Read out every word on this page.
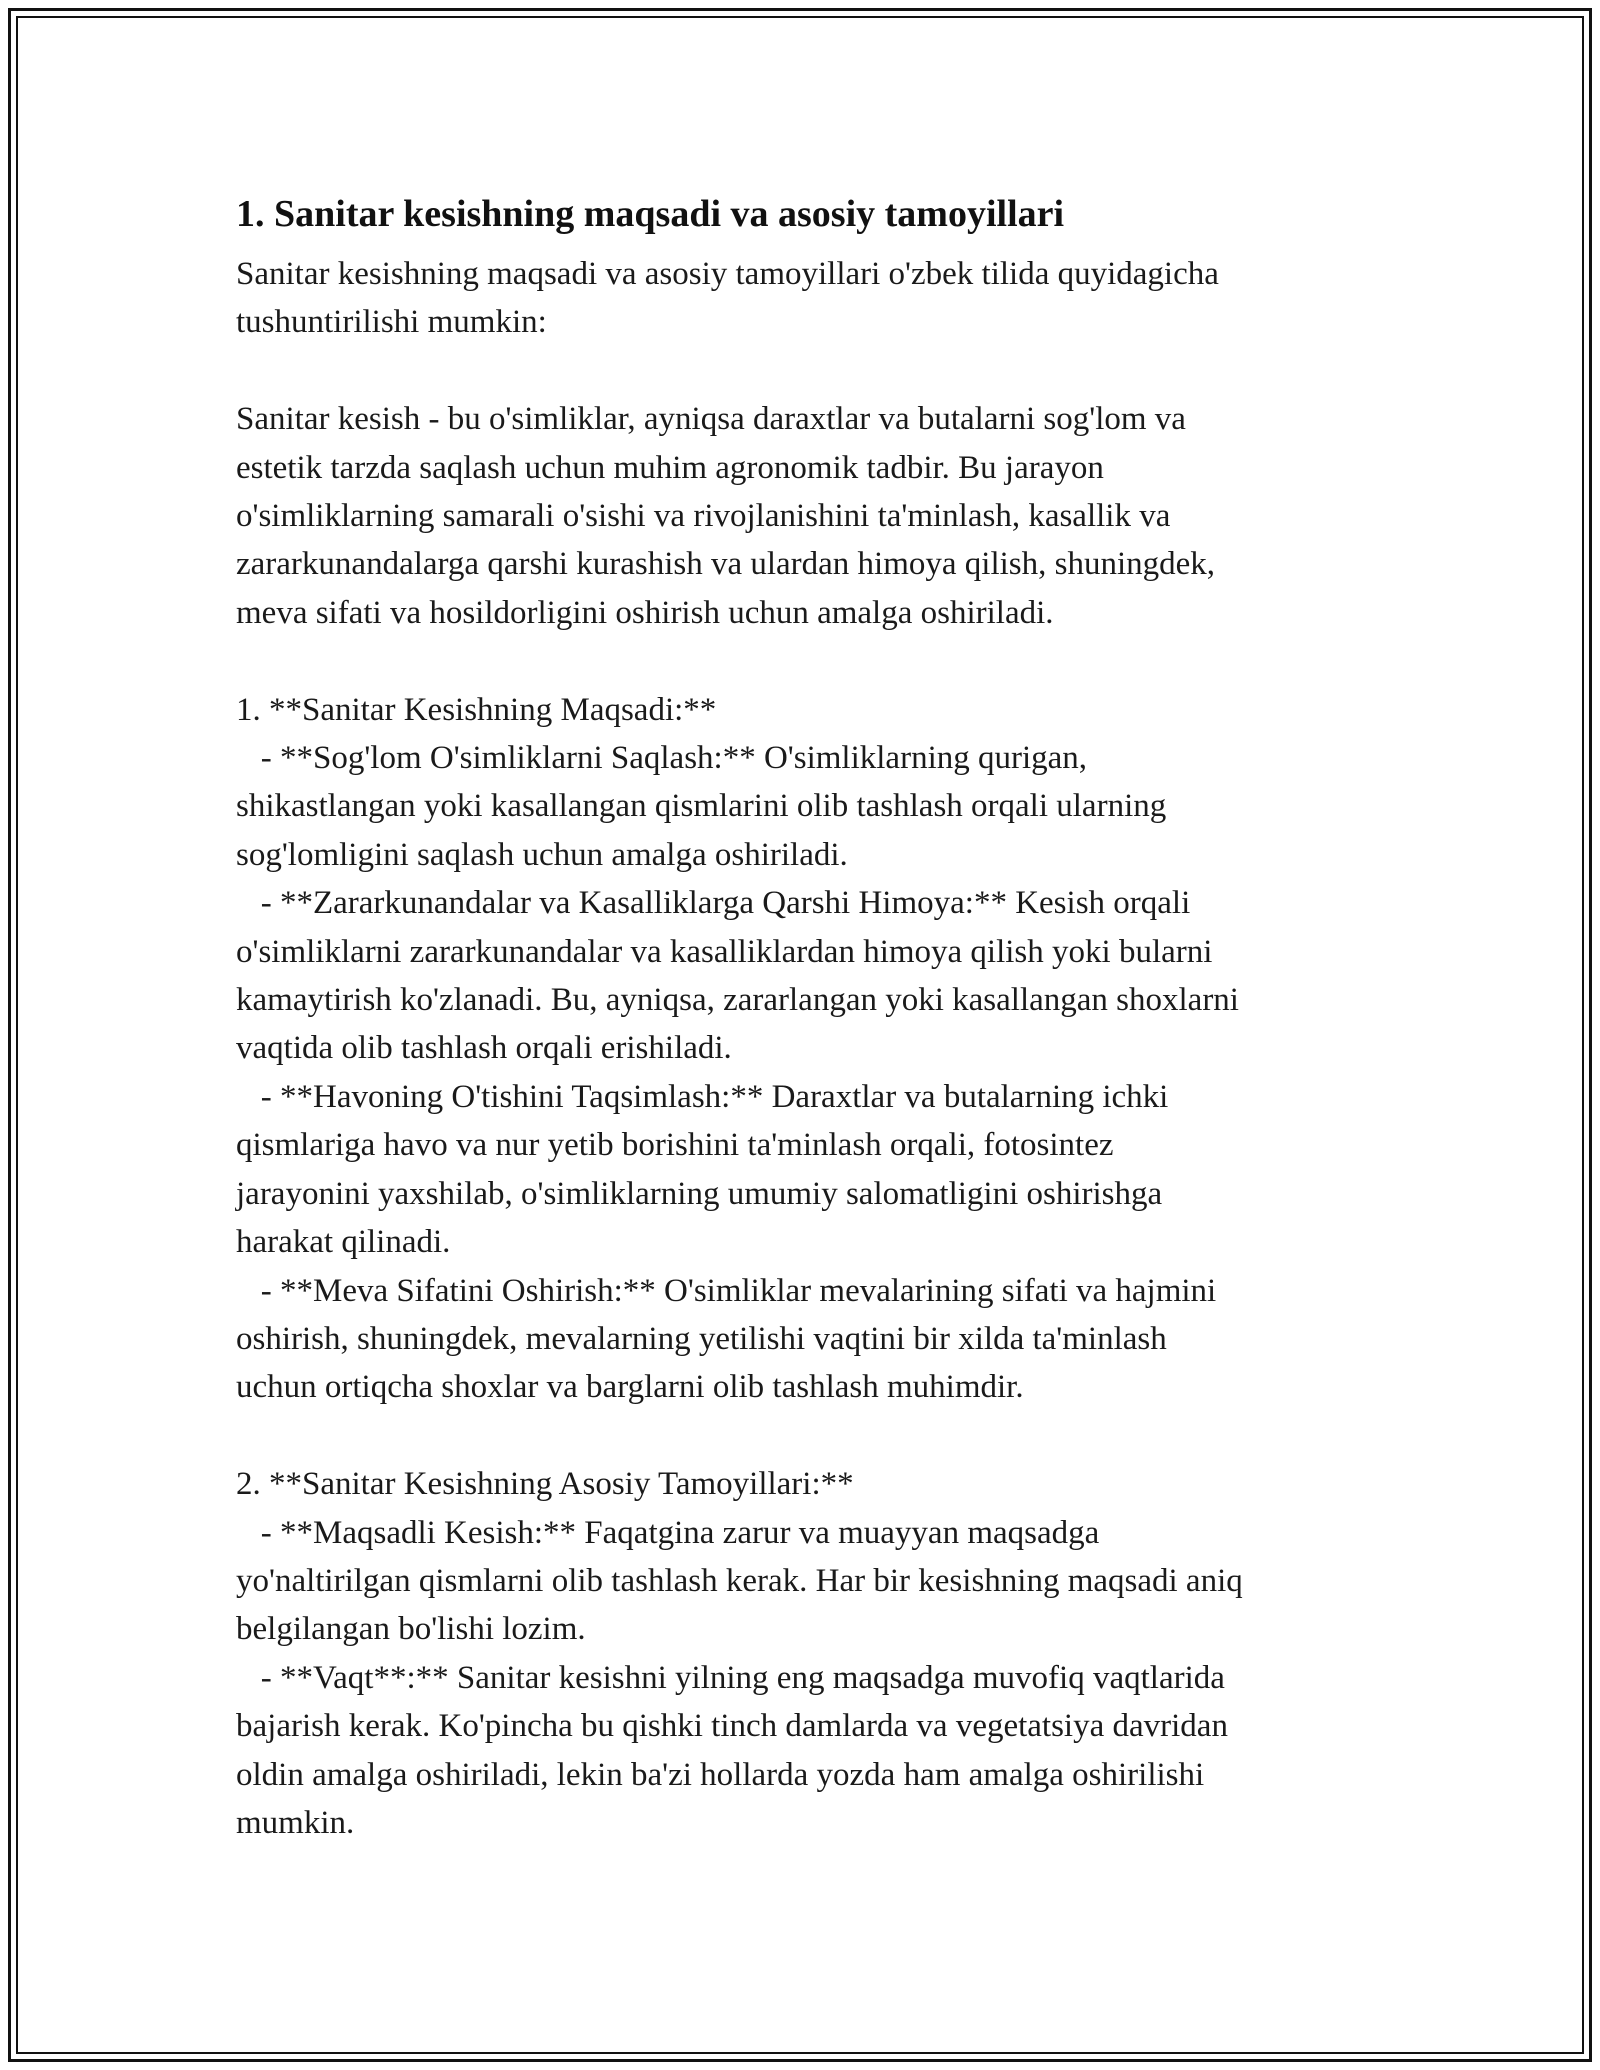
1. Sanitar kesishning maqsadi va asosiy tamoyillari
Sanitar kesishning maqsadi va asosiy tamoyillari o'zbek tilida quyidagicha
tushuntirilishi mumkin:
Sanitar kesish - bu o'simliklar, ayniqsa daraxtlar va butalarni sog'lom va
estetik tarzda saqlash uchun muhim agronomik tadbir. Bu jarayon
o'simliklarning samarali o'sishi va rivojlanishini ta'minlash, kasallik va
zararkunandalarga qarshi kurashish va ulardan himoya qilish, shuningdek,
meva sifati va hosildorligini oshirish uchun amalga oshiriladi.
1. **Sanitar Kesishning Maqsadi:**
- **Sog'lom O'simliklarni Saqlash:** O'simliklarning qurigan,
shikastlangan yoki kasallangan qismlarini olib tashlash orqali ularning
sog'lomligini saqlash uchun amalga oshiriladi.
- **Zararkunandalar va Kasalliklarga Qarshi Himoya:** Kesish orqali
o'simliklarni zararkunandalar va kasalliklardan himoya qilish yoki bularni
kamaytirish ko'zlanadi. Bu, ayniqsa, zararlangan yoki kasallangan shoxlarni
vaqtida olib tashlash orqali erishiladi.
- **Havoning O'tishini Taqsimlash:** Daraxtlar va butalarning ichki
qismlariga havo va nur yetib borishini ta'minlash orqali, fotosintez
jarayonini yaxshilab, o'simliklarning umumiy salomatligini oshirishga
harakat qilinadi.
- **Meva Sifatini Oshirish:** O'simliklar mevalarining sifati va hajmini
oshirish, shuningdek, mevalarning yetilishi vaqtini bir xilda ta'minlash
uchun ortiqcha shoxlar va barglarni olib tashlash muhimdir.
2. **Sanitar Kesishning Asosiy Tamoyillari:**
- **Maqsadli Kesish:** Faqatgina zarur va muayyan maqsadga
yo'naltirilgan qismlarni olib tashlash kerak. Har bir kesishning maqsadi aniq
belgilangan bo'lishi lozim.
- **Vaqt**:** Sanitar kesishni yilning eng maqsadga muvofiq vaqtlarida
bajarish kerak. Ko'pincha bu qishki tinch damlarda va vegetatsiya davridan
oldin amalga oshiriladi, lekin ba'zi hollarda yozda ham amalga oshirilishi
mumkin.
